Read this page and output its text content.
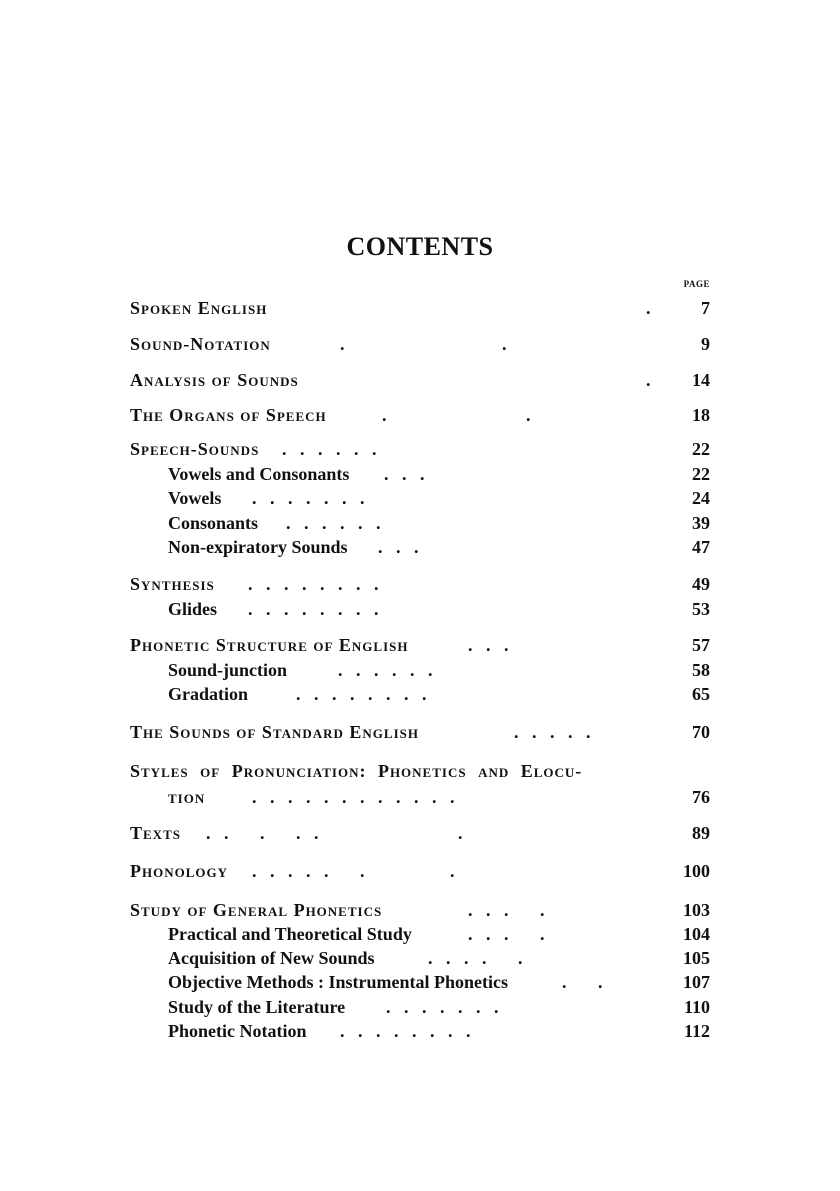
CONTENTS
PAGE
Spoken English	.	7
Sound-Notation	.                                   .	9
Analysis of Sounds	. 14
The Organs of Speech	.                               .	18
Speech-Sounds .   .   .   .   .   .	22
Vowels and Consonants .   .   .	22
Vowels .   .   .   .   .   .   .	24
Consonants .   .   .   .   .   .	39
Non-expiratory Sounds .   .   .	47
Synthesis .   .   .   .   .   .   .   .	49
Glides .   .   .   .   .   .   .   .	53
Phonetic Structure of English	.   .   .	57
Sound-junction	.   .   .   .   .   .	58
Gradation	.   .   .   .   .   .   .   .	65
The Sounds of Standard English	.   .   .   .   .	70
Styles of Pronunciation: Phonetics and Elocu-
tion	.   .   .   .   .   .   .   .   .   .   .   .	76
Texts .   .       .       .   .                               .	89
Phonology .   .   .   .   .       .                   .	100
Study of General Phonetics	.   .   .       .	103
Practical and Theoretical Study	.   .   .       .	104
Acquisition of New Sounds	.   .   .   .       .	105
Objective Methods : Instrumental Phonetics	.       .	107
Study of the Literature .   .   .   .   .   .   .	110
Phonetic Notation .   .   .   .   .   .   .   .	112
